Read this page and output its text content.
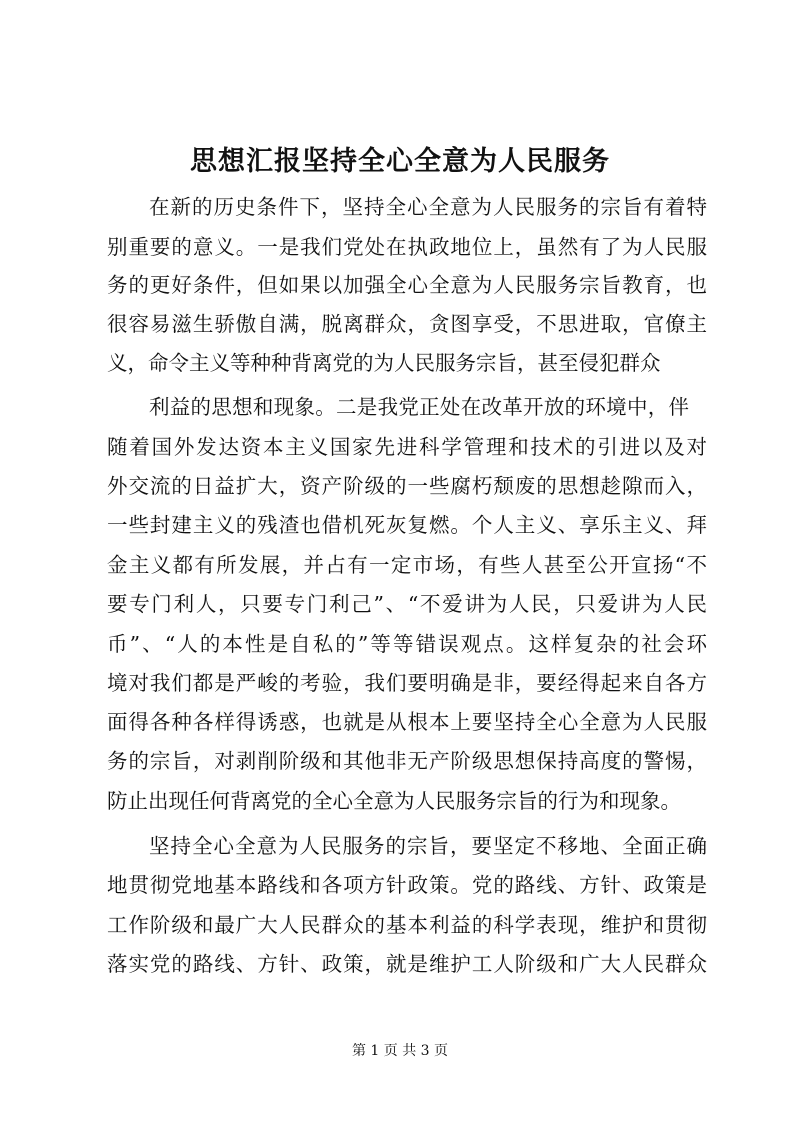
思想汇报坚持全心全意为人民服务
在新的历史条件下，坚持全心全意为人民服务的宗旨有着特
别重要的意义。一是我们党处在执政地位上，虽然有了为人民服
务的更好条件，但如果以加强全心全意为人民服务宗旨教育，也
很容易滋生骄傲自满，脱离群众，贪图享受，不思进取，官僚主
义，命令主义等种种背离党的为人民服务宗旨，甚至侵犯群众
利益的思想和现象。二是我党正处在改革开放的环境中，伴
随着国外发达资本主义国家先进科学管理和技术的引进以及对
外交流的日益扩大，资产阶级的一些腐朽颓废的思想趁隙而入，
一些封建主义的残渣也借机死灰复燃。个人主义、享乐主义、拜
金主义都有所发展，并占有一定市场，有些人甚至公开宣扬“不
要专门利人，只要专门利己”、“不爱讲为人民，只爱讲为人民
币”、“人的本性是自私的”等等错误观点。这样复杂的社会环
境对我们都是严峻的考验，我们要明确是非，要经得起来自各方
面得各种各样得诱惑，也就是从根本上要坚持全心全意为人民服
务的宗旨，对剥削阶级和其他非无产阶级思想保持高度的警惕，
防止出现任何背离党的全心全意为人民服务宗旨的行为和现象。
坚持全心全意为人民服务的宗旨，要坚定不移地、全面正确
地贯彻党地基本路线和各项方针政策。党的路线、方针、政策是
工作阶级和最广大人民群众的基本利益的科学表现，维护和贯彻
落实党的路线、方针、政策，就是维护工人阶级和广大人民群众
第 1 页 共 3 页
